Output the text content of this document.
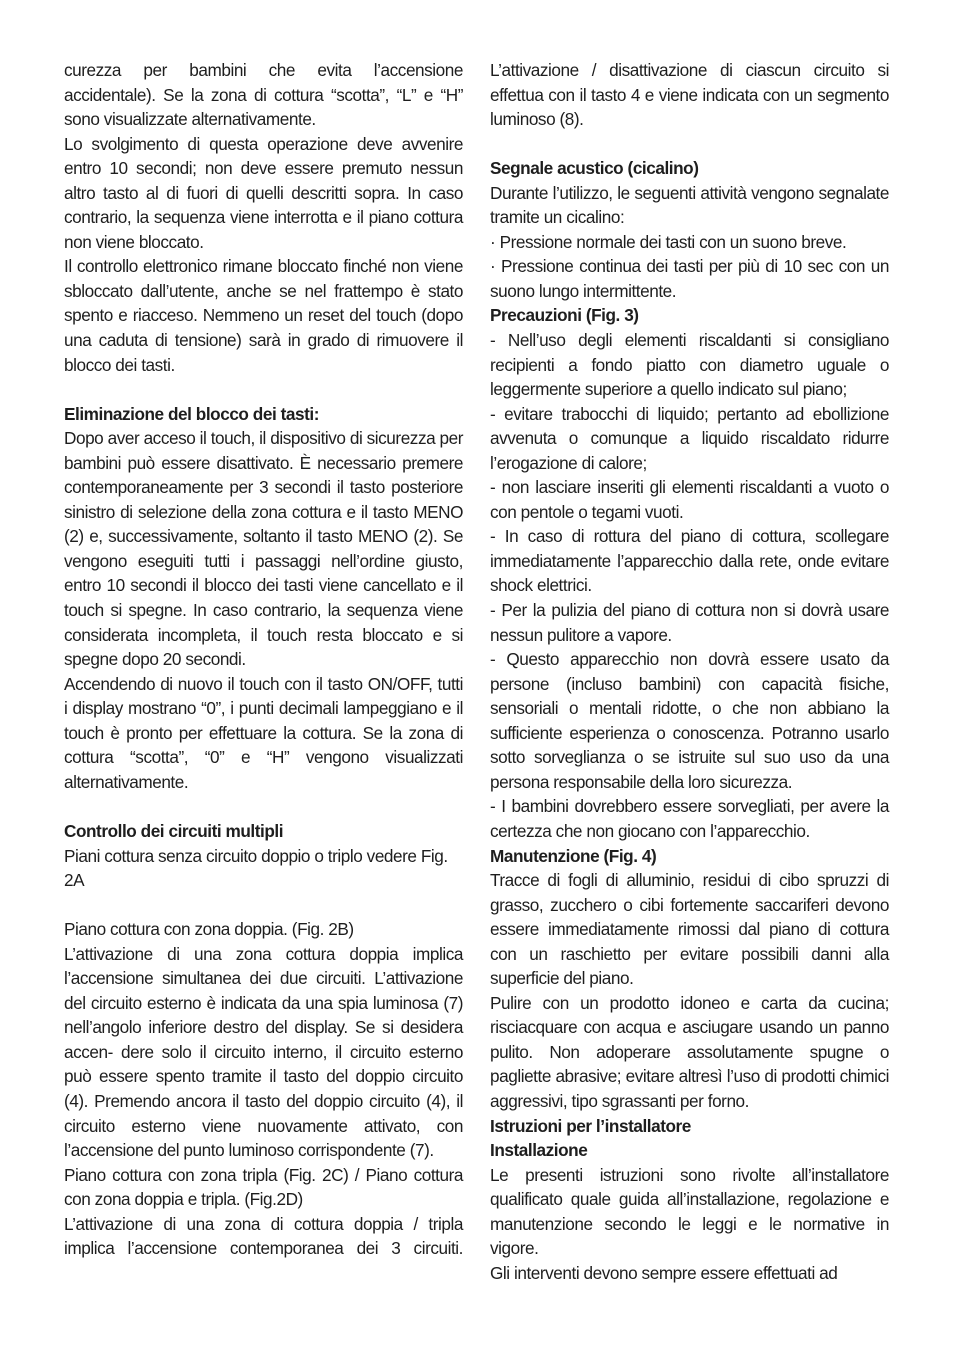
curezza per bambini che evita l’accensione accidentale). Se la zona di cottura “scotta”, “L” e “H” sono visualizzate alternativamente.

Lo svolgimento di questa operazione deve avvenire entro 10 secondi; non deve essere premuto nessun altro tasto al di fuori di quelli descritti sopra. In caso contrario, la sequenza viene interrotta e il piano cottura non viene bloccato.

Il controllo elettronico rimane bloccato finché non viene sbloccato dall’utente, anche se nel frattempo è stato spento e riacceso. Nemmeno un reset del touch (dopo una caduta di tensione) sarà in grado di rimuovere il blocco dei tasti.

Eliminazione del blocco dei tasti:

Dopo aver acceso il touch, il dispositivo di sicurezza per bambini può essere disattivato. È necessario premere contemporaneamente per 3 secondi il tasto posteriore sinistro di selezione della zona cottura e il tasto MENO (2) e, successivamente, soltanto il tasto MENO (2). Se vengono eseguiti tutti i passaggi nell’ordine giusto, entro 10 secondi il blocco dei tasti viene cancellato e il touch si spegne. In caso contrario, la sequenza viene considerata incompleta, il touch resta bloccato e si spegne dopo 20 secondi.

Accendendo di nuovo il touch con il tasto ON/OFF, tutti i display mostrano “0”, i punti decimali lampeggiano e il touch è pronto per effettuare la cottura. Se la zona di cottura “scotta”, “0” e “H” vengono visualizzati alternativamente.

Controllo dei circuiti multipli

Piani cottura senza circuito doppio o triplo vedere Fig. 2A

Piano cottura con zona doppia. (Fig. 2B)

L’attivazione di una zona cottura doppia implica l’accensione simultanea dei due circuiti. L’attivazione del circuito esterno è indicata da una spia luminosa (7) nell’angolo inferiore destro del display. Se si desidera accen- dere solo il circuito interno, il circuito esterno può essere spento tramite il tasto del doppio circuito (4). Premendo ancora il tasto del doppio circuito (4), il circuito esterno viene nuovamente attivato, con l’accensione del punto luminoso corrispondente (7).

Piano cottura con zona tripla (Fig. 2C) / Piano cottura con zona doppia e tripla. (Fig.2D)

L’attivazione di una zona di cottura doppia / tripla implica l’accensione contemporanea dei 3 circuiti.

L’attivazione / disattivazione di ciascun circuito si effettua con il tasto 4 e viene indicata con un segmento luminoso (8).

Segnale acustico (cicalino)

Durante l’utilizzo, le seguenti attività vengono segnalate tramite un cicalino:

· Pressione normale dei tasti con un suono breve.

· Pressione continua dei tasti per più di 10 sec con un suono lungo intermittente.

Precauzioni (Fig. 3)

- Nell’uso degli elementi riscaldanti si consigliano recipienti a fondo piatto con diametro uguale o leggermente superiore a quello indicato sul piano;

- evitare trabocchi di liquido; pertanto ad ebollizione avvenuta o comunque a liquido riscaldato ridurre l’erogazione di calore;

- non lasciare inseriti gli elementi riscaldanti a vuoto o con pentole o tegami vuoti.

- In caso di rottura del piano di cottura, scollegare immediatamente l’apparecchio dalla rete, onde evitare shock elettrici.

- Per la pulizia del piano di cottura non si dovrà usare nessun pulitore a vapore.

- Questo apparecchio non dovrà essere usato da persone (incluso bambini) con capacità fisiche, sensoriali o mentali ridotte, o che non abbiano la sufficiente esperienza o conoscenza. Potranno usarlo sotto sorveglianza o se istruite sul suo uso da una persona responsabile della loro sicurezza.

- I bambini dovrebbero essere sorvegliati, per avere la certezza che non giocano con l’apparecchio.

Manutenzione (Fig. 4)

Tracce di fogli di alluminio, residui di cibo spruzzi di grasso, zucchero o cibi fortemente saccariferi devono essere immediatamente rimossi dal piano di cottura con un raschietto per evitare possibili danni alla superficie del piano.

Pulire con un prodotto idoneo e carta da cucina; risciacquare con acqua e asciugare usando un panno pulito. Non adoperare assolutamente spugne o pagliette abrasive; evitare altresì l’uso di prodotti chimici aggressivi, tipo sgrassanti per forno.

Istruzioni per l’installatore

Installazione

Le presenti istruzioni sono rivolte all’installatore qualificato quale guida all’installazione, regolazione e manutenzione secondo le leggi e le normative in vigore.

Gli interventi devono sempre essere effettuati ad
